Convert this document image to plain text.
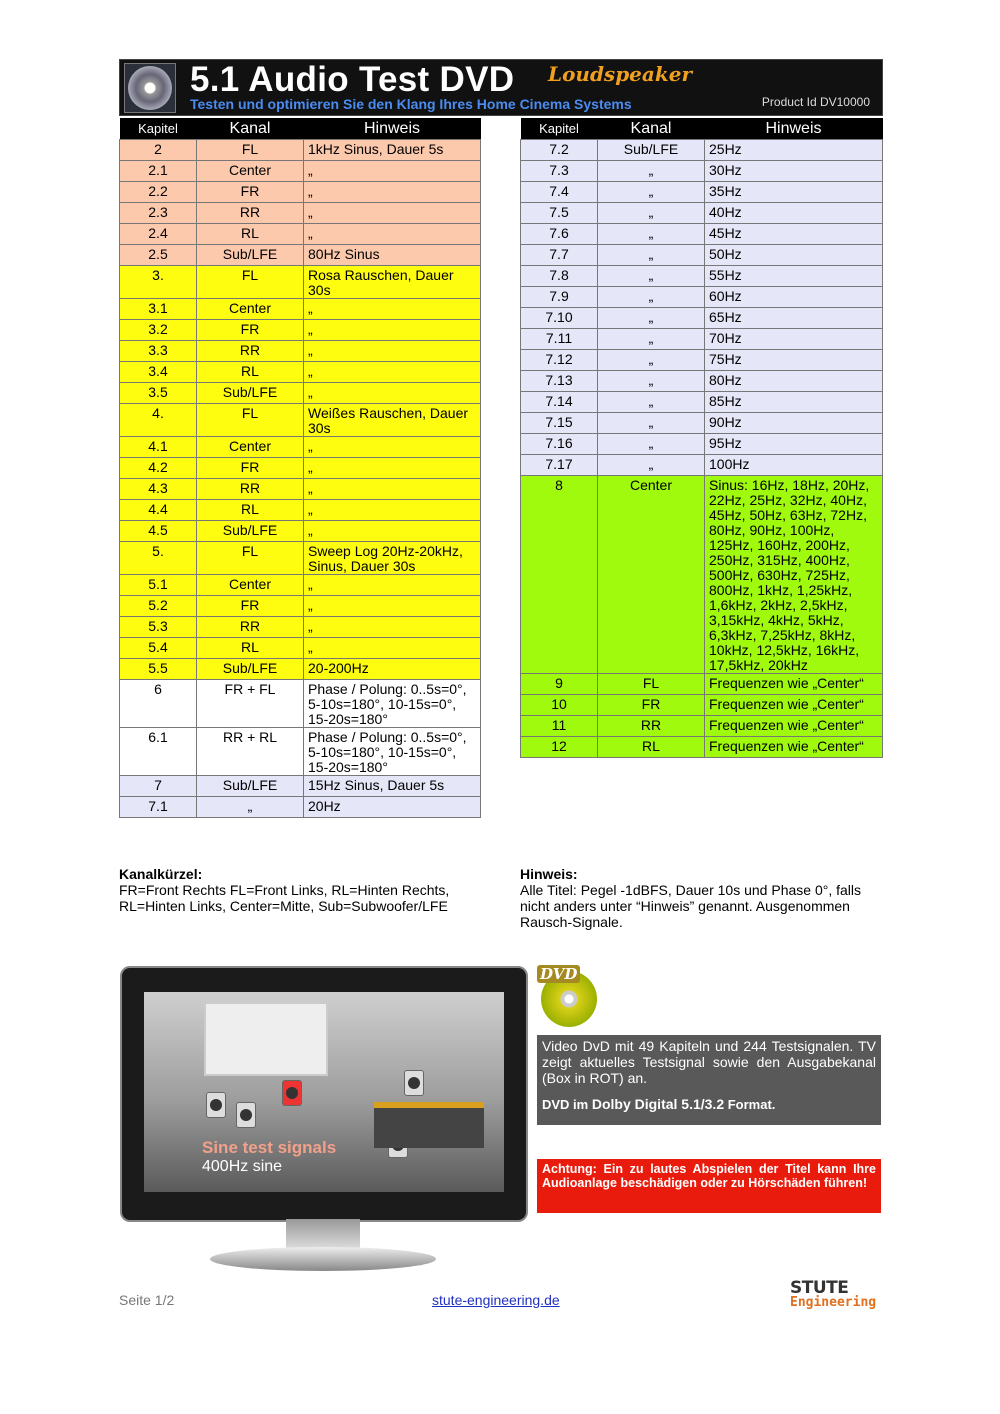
5.1 Audio Test DVD Loudspeaker
Testen und optimieren Sie den Klang Ihres Home Cinema Systems	Product Id DV10000
Kapitel	Kanal	Hinweis
2	FL	1kHz Sinus, Dauer 5s
2.1	Center	„
2.2	FR	„
2.3	RR	„
2.4	RL	„
2.5	Sub/LFE	80Hz Sinus
3.	FL	Rosa Rauschen, Dauer 30s
3.1	Center	„
3.2	FR	„
3.3	RR	„
3.4	RL	„
3.5	Sub/LFE	„
4.	FL	Weißes Rauschen, Dauer 30s
4.1	Center	„
4.2	FR	„
4.3	RR	„
4.4	RL	„
4.5	Sub/LFE	„
5.	FL	Sweep Log 20Hz-20kHz, Sinus, Dauer 30s
5.1	Center	„
5.2	FR	„
5.3	RR	„
5.4	RL	„
5.5	Sub/LFE	20-200Hz
6	FR + FL	Phase / Polung: 0..5s=0°, 5-10s=180°, 10-15s=0°, 15-20s=180°
6.1	RR + RL	Phase / Polung: 0..5s=0°, 5-10s=180°, 10-15s=0°, 15-20s=180°
7	Sub/LFE	15Hz Sinus, Dauer 5s
7.1	„	20Hz
Kapitel	Kanal	Hinweis
7.2	Sub/LFE	25Hz
7.3	„	30Hz
7.4	„	35Hz
7.5	„	40Hz
7.6	„	45Hz
7.7	„	50Hz
7.8	„	55Hz
7.9	„	60Hz
7.10	„	65Hz
7.11	„	70Hz
7.12	„	75Hz
7.13	„	80Hz
7.14	„	85Hz
7.15	„	90Hz
7.16	„	95Hz
7.17	„	100Hz
8	Center	Sinus: 16Hz, 18Hz, 20Hz, 22Hz, 25Hz, 32Hz, 40Hz, 45Hz, 50Hz, 63Hz, 72Hz, 80Hz, 90Hz, 100Hz, 125Hz, 160Hz, 200Hz, 250Hz, 315Hz, 400Hz, 500Hz, 630Hz, 725Hz, 800Hz, 1kHz, 1,25kHz, 1,6kHz, 2kHz, 2,5kHz, 3,15kHz, 4kHz, 5kHz, 6,3kHz, 7,25kHz, 8kHz, 10kHz, 12,5kHz, 16kHz, 17,5kHz, 20kHz
9	FL	Frequenzen wie „Center“
10	FR	Frequenzen wie „Center“
11	RR	Frequenzen wie „Center“
12	RL	Frequenzen wie „Center“
Kanalkürzel:
FR=Front Rechts FL=Front Links, RL=Hinten Rechts, RL=Hinten Links, Center=Mitte, Sub=Subwoofer/LFE
Hinweis:
Alle Titel: Pegel -1dBFS, Dauer 10s und Phase 0°, falls nicht anders unter “Hinweis” genannt. Ausgenommen Rausch-Signale.
Sine test signals
400Hz sine
DVD
Video DvD mit 49 Kapiteln und 244 Testsignalen. TV zeigt aktuelles Testsignal sowie den Ausgabekanal (Box in ROT) an.
DVD im Dolby Digital 5.1/3.2 Format.
Achtung: Ein zu lautes Abspielen der Titel kann Ihre Audioanlage beschädigen oder zu Hörschäden führen!
Seite 1/2	stute-engineering.de
STUTE
Engineering
